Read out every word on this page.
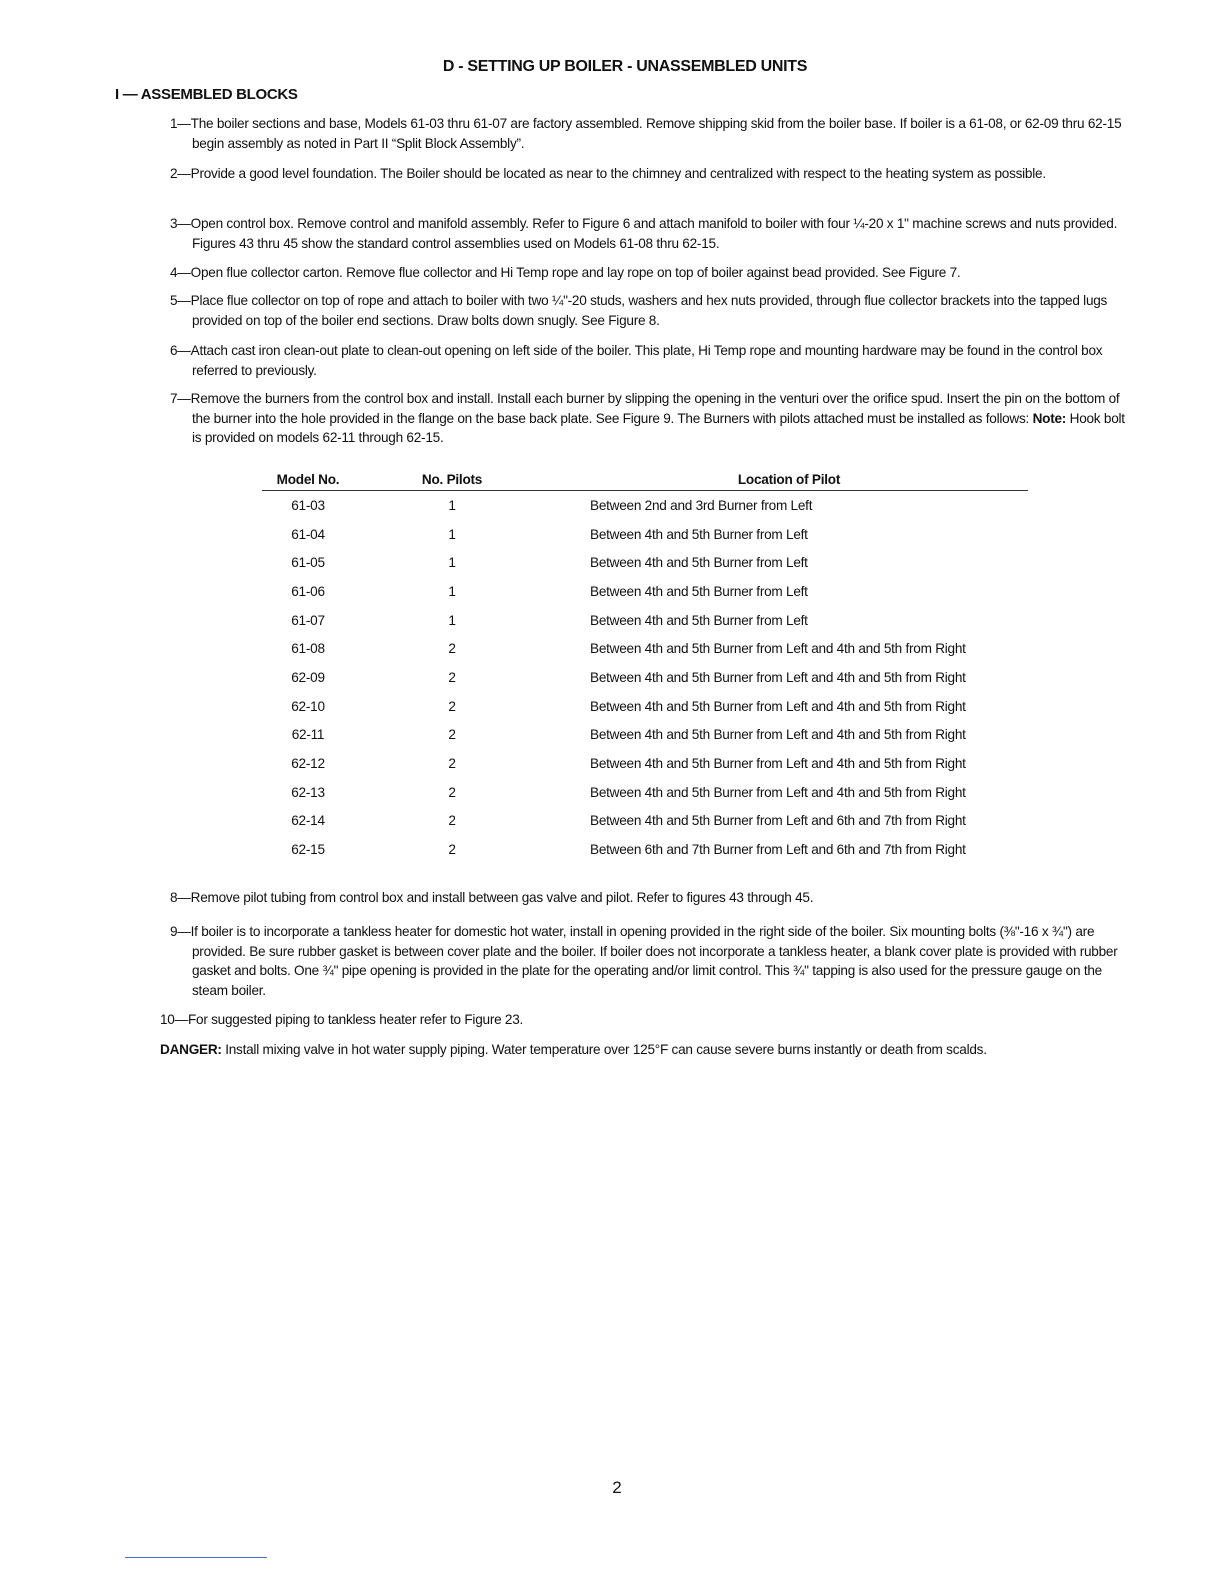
D - SETTING UP BOILER - UNASSEMBLED UNITS
I — ASSEMBLED BLOCKS
1—The boiler sections and base, Models 61-03 thru 61-07 are factory assembled. Remove shipping skid from the boiler base. If boiler is a 61-08, or 62-09 thru 62-15 begin assembly as noted in Part II “Split Block Assembly”.
2—Provide a good level foundation. The Boiler should be located as near to the chimney and centralized with respect to the heating system as possible.
3—Open control box. Remove control and manifold assembly. Refer to Figure 6 and attach manifold to boiler with four ¼-20 x 1" machine screws and nuts provided. Figures 43 thru 45 show the standard control assemblies used on Models 61-08 thru 62-15.
4—Open flue collector carton. Remove flue collector and Hi Temp rope and lay rope on top of boiler against bead provided. See Figure 7.
5—Place flue collector on top of rope and attach to boiler with two ¼"-20 studs, washers and hex nuts provided, through flue collector brackets into the tapped lugs provided on top of the boiler end sections. Draw bolts down snugly. See Figure 8.
6—Attach cast iron clean-out plate to clean-out opening on left side of the boiler. This plate, Hi Temp rope and mounting hardware may be found in the control box referred to previously.
7—Remove the burners from the control box and install. Install each burner by slipping the opening in the venturi over the orifice spud. Insert the pin on the bottom of the burner into the hole provided in the flange on the base back plate. See Figure 9. The Burners with pilots attached must be installed as follows: Note: Hook bolt is provided on models 62-11 through 62-15.
Model No.	No. Pilots	Location of Pilot
61-03	1	Between 2nd and 3rd Burner from Left
61-04	1	Between 4th and 5th Burner from Left
61-05	1	Between 4th and 5th Burner from Left
61-06	1	Between 4th and 5th Burner from Left
61-07	1	Between 4th and 5th Burner from Left
61-08	2	Between 4th and 5th Burner from Left and 4th and 5th from Right
62-09	2	Between 4th and 5th Burner from Left and 4th and 5th from Right
62-10	2	Between 4th and 5th Burner from Left and 4th and 5th from Right
62-11	2	Between 4th and 5th Burner from Left and 4th and 5th from Right
62-12	2	Between 4th and 5th Burner from Left and 4th and 5th from Right
62-13	2	Between 4th and 5th Burner from Left and 4th and 5th from Right
62-14	2	Between 4th and 5th Burner from Left and 6th and 7th from Right
62-15	2	Between 6th and 7th Burner from Left and 6th and 7th from Right
8—Remove pilot tubing from control box and install between gas valve and pilot. Refer to figures 43 through 45.
9—If boiler is to incorporate a tankless heater for domestic hot water, install in opening provided in the right side of the boiler. Six mounting bolts (⅜"-16 x ¾") are provided. Be sure rubber gasket is between cover plate and the boiler. If boiler does not incorporate a tankless heater, a blank cover plate is provided with rubber gasket and bolts. One ¾" pipe opening is provided in the plate for the operating and/or limit control. This ¾" tapping is also used for the pressure gauge on the steam boiler.
10—For suggested piping to tankless heater refer to Figure 23.
DANGER: Install mixing valve in hot water supply piping. Water temperature over 125°F can cause severe burns instantly or death from scalds.
2
